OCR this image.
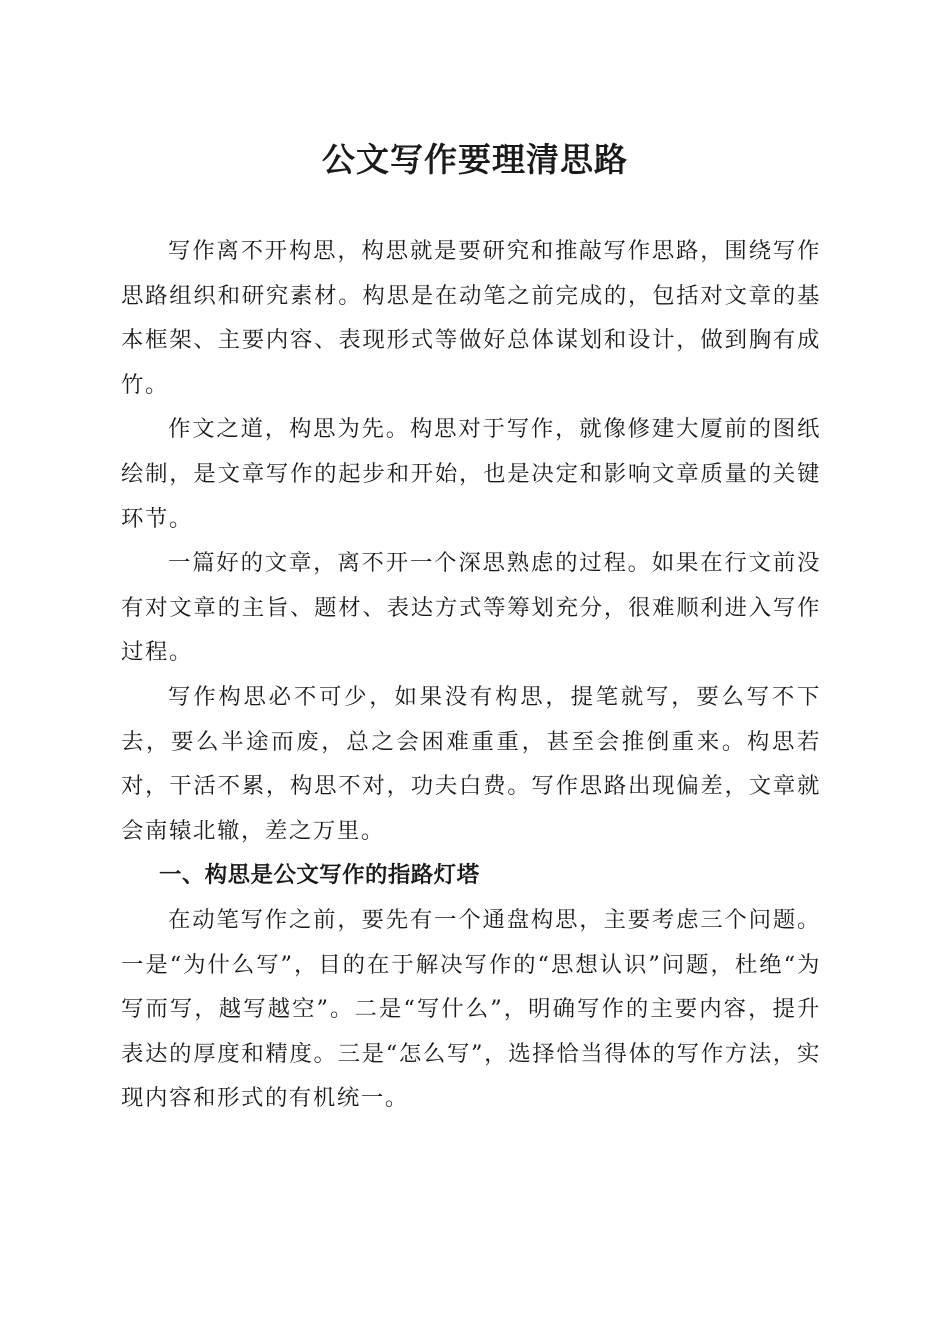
公文写作要理清思路

写作离不开构思，构思就是要研究和推敲写作思路，围绕写作思路组织和研究素材。构思是在动笔之前完成的，包括对文章的基本框架、主要内容、表现形式等做好总体谋划和设计，做到胸有成竹。

作文之道，构思为先。构思对于写作，就像修建大厦前的图纸绘制，是文章写作的起步和开始，也是决定和影响文章质量的关键环节。

一篇好的文章，离不开一个深思熟虑的过程。如果在行文前没有对文章的主旨、题材、表达方式等筹划充分，很难顺利进入写作过程。

写作构思必不可少，如果没有构思，提笔就写，要么写不下去，要么半途而废，总之会困难重重，甚至会推倒重来。构思若对，干活不累，构思不对，功夫白费。写作思路出现偏差，文章就会南辕北辙，差之万里。

一、构思是公文写作的指路灯塔

在动笔写作之前，要先有一个通盘构思，主要考虑三个问题。一是“为什么写”，目的在于解决写作的“思想认识”问题，杜绝“为写而写，越写越空”。二是“写什么”，明确写作的主要内容，提升表达的厚度和精度。三是“怎么写”，选择恰当得体的写作方法，实现内容和形式的有机统一。
